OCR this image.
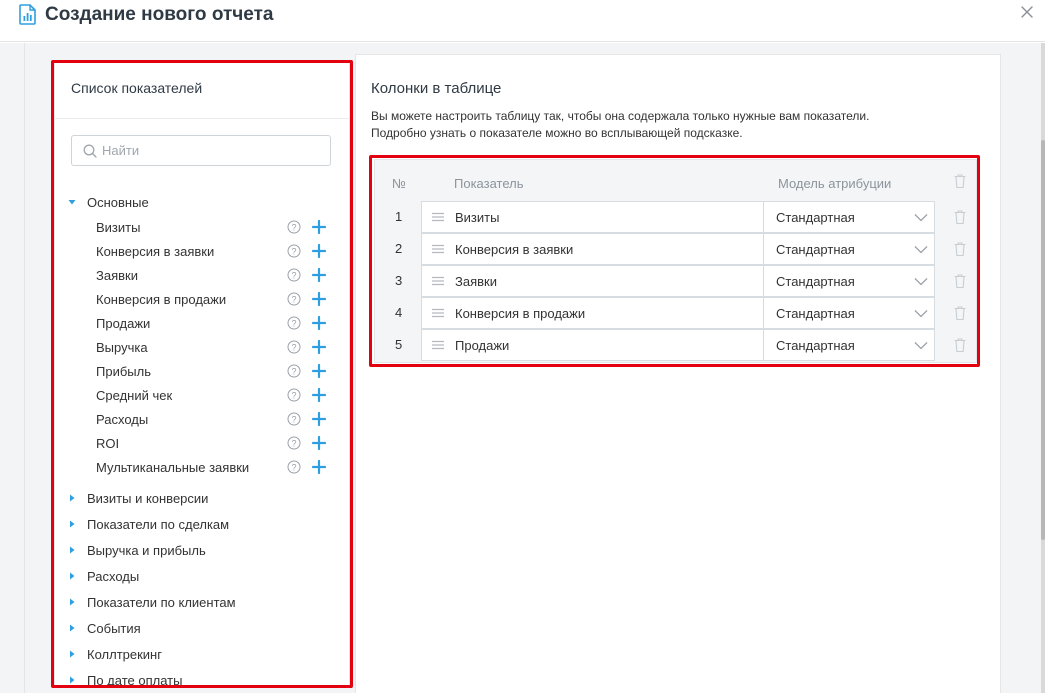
Создание нового отчета
Список показателей
Найти
Основные
Визиты	?
Конверсия в заявки	?
Заявки	?
Конверсия в продажи	?
Продажи	?
Выручка	?
Прибыль	?
Средний чек	?
Расходы	?
ROI	?
Мультиканальные заявки	?
Визиты и конверсии
Показатели по сделкам
Выручка и прибыль
Расходы
Показатели по клиентам
События
Коллтрекинг
По дате оплаты
Колонки в таблице
Вы можете настроить таблицу так, чтобы она содержала только нужные вам показатели.
Подробно узнать о показателе можно во всплывающей подсказке.
№	Показатель	Модель атрибуции
1	Визиты	Стандартная
2	Конверсия в заявки	Стандартная
3	Заявки	Стандартная
4	Конверсия в продажи	Стандартная
5	Продажи	Стандартная
